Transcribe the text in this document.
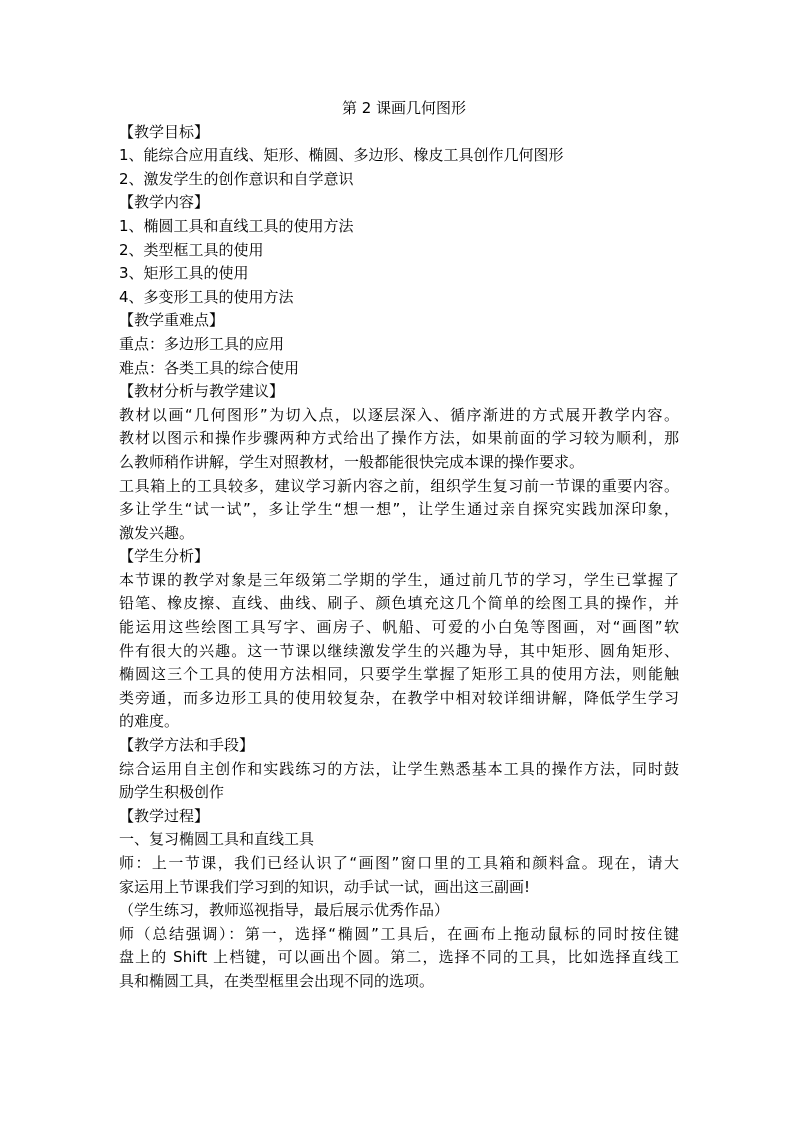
第 2 课画几何图形
【教学目标】
1、能综合应用直线、矩形、椭圆、多边形、橡皮工具创作几何图形
2、激发学生的创作意识和自学意识
【教学内容】
1、椭圆工具和直线工具的使用方法
2、类型框工具的使用
3、矩形工具的使用
4、多变形工具的使用方法
【教学重难点】
重点：多边形工具的应用
难点：各类工具的综合使用
【教材分析与教学建议】
教材以画“几何图形”为切入点，以逐层深入、循序渐进的方式展开教学内容。
教材以图示和操作步骤两种方式给出了操作方法，如果前面的学习较为顺利，那
么教师稍作讲解，学生对照教材，一般都能很快完成本课的操作要求。
工具箱上的工具较多，建议学习新内容之前，组织学生复习前一节课的重要内容。
多让学生“试一试”，多让学生“想一想”，让学生通过亲自探究实践加深印象，
激发兴趣。
【学生分析】
本节课的教学对象是三年级第二学期的学生，通过前几节的学习，学生已掌握了
铅笔、橡皮擦、直线、曲线、刷子、颜色填充这几个简单的绘图工具的操作，并
能运用这些绘图工具写字、画房子、帆船、可爱的小白兔等图画，对“画图”软
件有很大的兴趣。这一节课以继续激发学生的兴趣为导，其中矩形、圆角矩形、
椭圆这三个工具的使用方法相同，只要学生掌握了矩形工具的使用方法，则能触
类旁通，而多边形工具的使用较复杂，在教学中相对较详细讲解，降低学生学习
的难度。
【教学方法和手段】
综合运用自主创作和实践练习的方法，让学生熟悉基本工具的操作方法，同时鼓
励学生积极创作
【教学过程】
一、复习椭圆工具和直线工具
师：上一节课，我们已经认识了“画图”窗口里的工具箱和颜料盒。现在，请大
家运用上节课我们学习到的知识，动手试一试，画出这三副画!
（学生练习，教师巡视指导，最后展示优秀作品）
师（总结强调）：第一，选择“椭圆”工具后，在画布上拖动鼠标的同时按住键
盘上的 Shift 上档键，可以画出个圆。第二，选择不同的工具，比如选择直线工
具和椭圆工具，在类型框里会出现不同的选项。
